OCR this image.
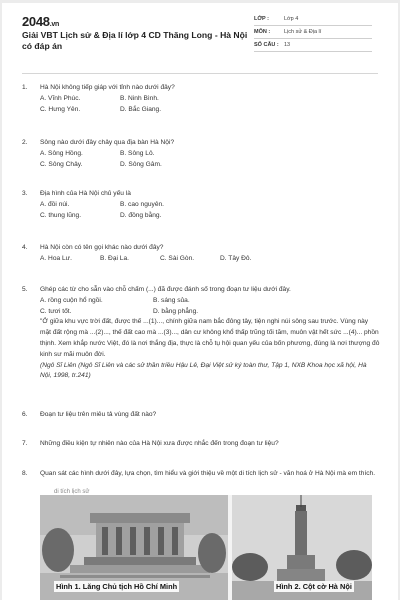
2048.vn
Giải VBT Lịch sử & Địa lí lớp 4 CD Thăng Long - Hà Nội có đáp án
LỚP :	Lớp 4
MÔN :	Lịch sử & Địa lí
SỐ CÂU : 13
1.	Hà Nội không tiếp giáp với tỉnh nào dưới đây?
A. Vĩnh Phúc.	B. Ninh Bình.
C. Hưng Yên.	D. Bắc Giang.
2.	Sông nào dưới đây chảy qua địa bàn Hà Nội?
A. Sông Hồng.	B. Sông Lô.
C. Sông Chảy.	D. Sông Gâm.
3.	Địa hình của Hà Nội chủ yếu là
A. đồi núi.	B. cao nguyên.
C. thung lũng.	D. đồng bằng.
4.	Hà Nội còn có tên gọi khác nào dưới đây?
A. Hoa Lư.	B. Đại La.	C. Sài Gòn.	D. Tây Đô.
5.	Ghép các từ cho sẵn vào chỗ chấm (...) đã được đánh số trong đoạn tư liệu dưới đây.
A. rồng cuộn hổ ngồi.	B. sáng sủa.
C. tươi tốt.	D. bằng phẳng.
"Ở giữa khu vực trời đất, được thế ...(1)..., chính giữa nam bắc đông tây, tiện nghi núi sông sau trước. Vùng này mặt đất rộng mà ...(2)..., thế đất cao mà ...(3)..., dân cư không khổ thấp trũng tối tăm, muôn vật hết sức ...(4)... phồn thịnh. Xem khắp nước Việt, đó là nơi thắng địa, thực là chỗ tụ hội quan yếu của bốn phương, đúng là nơi thượng đô kinh sư mãi muôn đời.
(Ngô Sĩ Liên (Ngô Sĩ Liên và các sử thần triều Hậu Lê, Đại Việt sử ký toàn thư, Tập 1, NXB Khoa học xã hội, Hà Nội, 1998, tr.241)
6.	Đoạn tư liệu trên miêu tả vùng đất nào?
7.	Những điều kiện tự nhiên nào của Hà Nội xưa được nhắc đến trong đoạn tư liệu?
8.	Quan sát các hình dưới đây, lựa chọn, tìm hiểu và giới thiệu về một di tích lịch sử - văn hoá ở Hà Nội mà em thích.
di tích lịch sử
Hình 1. Lăng Chủ tịch Hồ Chí Minh	Hình 2. Cột cờ Hà Nội
